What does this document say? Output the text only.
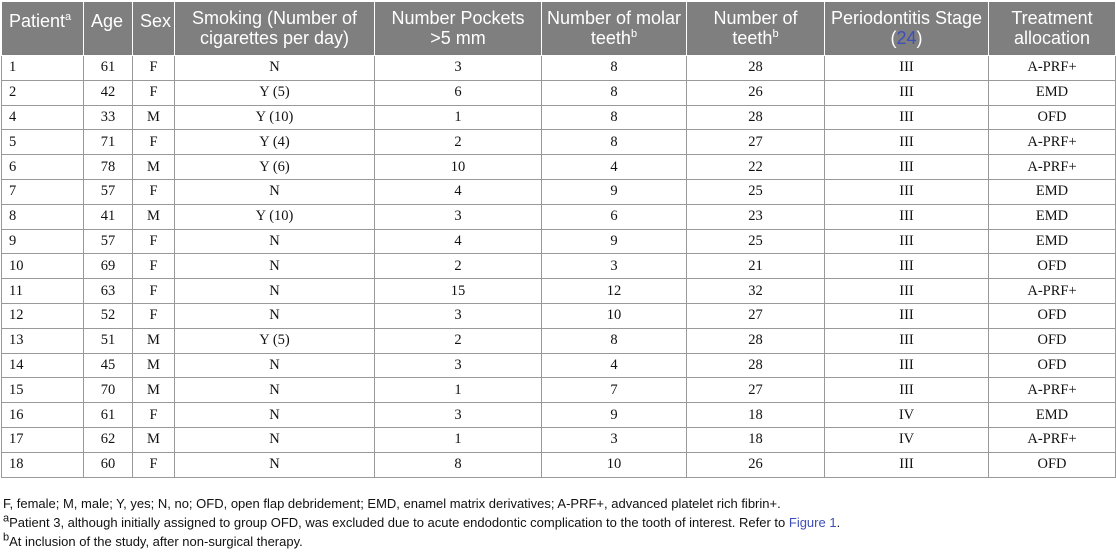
Patient$^a$	Age	Sex	Smoking (Number of cigarettes per day)	Number Pockets >5 mm	Number of molar teeth$^b$	Number of teeth$^b$	Periodontitis Stage (24)	Treatment allocation
1	61	F	N	3	8	28	III	A-PRF+
2	42	F	Y (5)	6	8	26	III	EMD
4	33	M	Y (10)	1	8	28	III	OFD
5	71	F	Y (4)	2	8	27	III	A-PRF+
6	78	M	Y (6)	10	4	22	III	A-PRF+
7	57	F	N	4	9	25	III	EMD
8	41	M	Y (10)	3	6	23	III	EMD
9	57	F	N	4	9	25	III	EMD
10	69	F	N	2	3	21	III	OFD
11	63	F	N	15	12	32	III	A-PRF+
12	52	F	N	3	10	27	III	OFD
13	51	M	Y (5)	2	8	28	III	OFD
14	45	M	N	3	4	28	III	OFD
15	70	M	N	1	7	27	III	A-PRF+
16	61	F	N	3	9	18	IV	EMD
17	62	M	N	1	3	18	IV	A-PRF+
18	60	F	N	8	10	26	III	OFD

F, female; M, male; Y, yes; N, no; OFD, open flap debridement; EMD, enamel matrix derivatives; A-PRF+, advanced platelet rich fibrin+.

$^a$Patient 3, although initially assigned to group OFD, was excluded due to acute endodontic complication to the tooth of interest. Refer to Figure 1.

$^b$At inclusion of the study, after non-surgical therapy.
